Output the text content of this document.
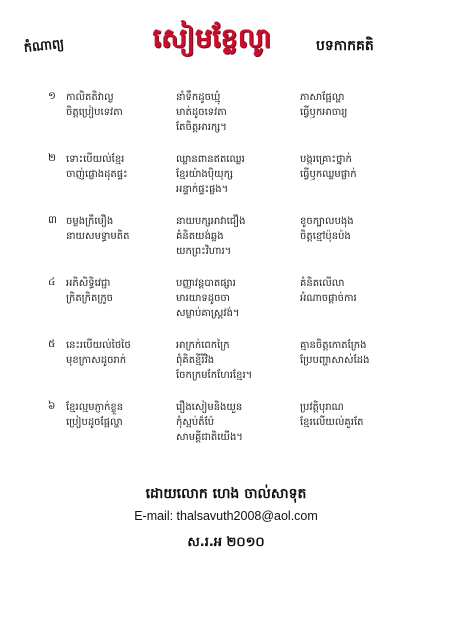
កំណាព្យ	សៀមខ្លែលូា	បទកាកគតិ
១ កាលិតតិវាល្ង
ចិត្តប្រៀបទេវតា
នាំទឹកដូចឃ្មុំ
មាត់ដូចទេវតា
តែចិត្តអារក្ស។
ភាសាផ្អែល្ហា
ធ្វើឫកអាចារ្យ
២ ទោះបើយល់ខ្មែរ
ចាញ់ផ្លោងដុតផ្ទះ
ឈ្លានពានឥតឈ្លេរ
ខ្មែរយ៉ាងប៉ិយុក្ស
អន្ទាក់ផ្ទះផ្លង។
បង្ករគ្រោះថ្នាក់
ធ្វើឫកឈ្លមផ្លាក់
៣ ចម្លងក្រឹមឿង
នាយសមទ្ធាមតិត
នាយបក្សអាវាជឿង
គំនិតយង់ឆ្លង
យកព្រះវិហារ។
ខូចក្បាលបងុង
ចិត្តខ្មៅប៉ុនប៉ង
៤ អភិសិទ្ធិវេជ្ជា
ក្រិតក្រិតក្រូច
បញ្ញាវន្តបាតផ្សារ
មារយាទដូចចា
សម្លាប់គាស្រ្តវង់។
គំនិតលើលា
អំណាចផ្តាច់ការ
៥ នេះរបើយល់ថៃថៃ
មុខក្រាសដូចរាក់
អាក្រក់ពេកក្រៃ
ពុំគិតខ្មីរីវិង
ចែកក្រមកែហែរខ្មែរ។
គ្មានចិត្តកោតក្រែង
ប្រែបញ្ហាសាស់ដែង
៦ ខ្មែរល្មមភ្ញាក់ខ្លួន
ប្រៀបដូចផ្អែល្ហា
រឿងសៀមនិងយួន
កុំស្អប់ត៏ប៉ែ
សាមគ្គីជាតិយើង។
ប្រវត្តិបុរាណ
ខ្មែរលើយល់គួរតែ
ដោយលោក ហេង ចាល់សាទុត
E-mail: thalsavuth2008@aol.com
ស.រ.អ ២០១០
